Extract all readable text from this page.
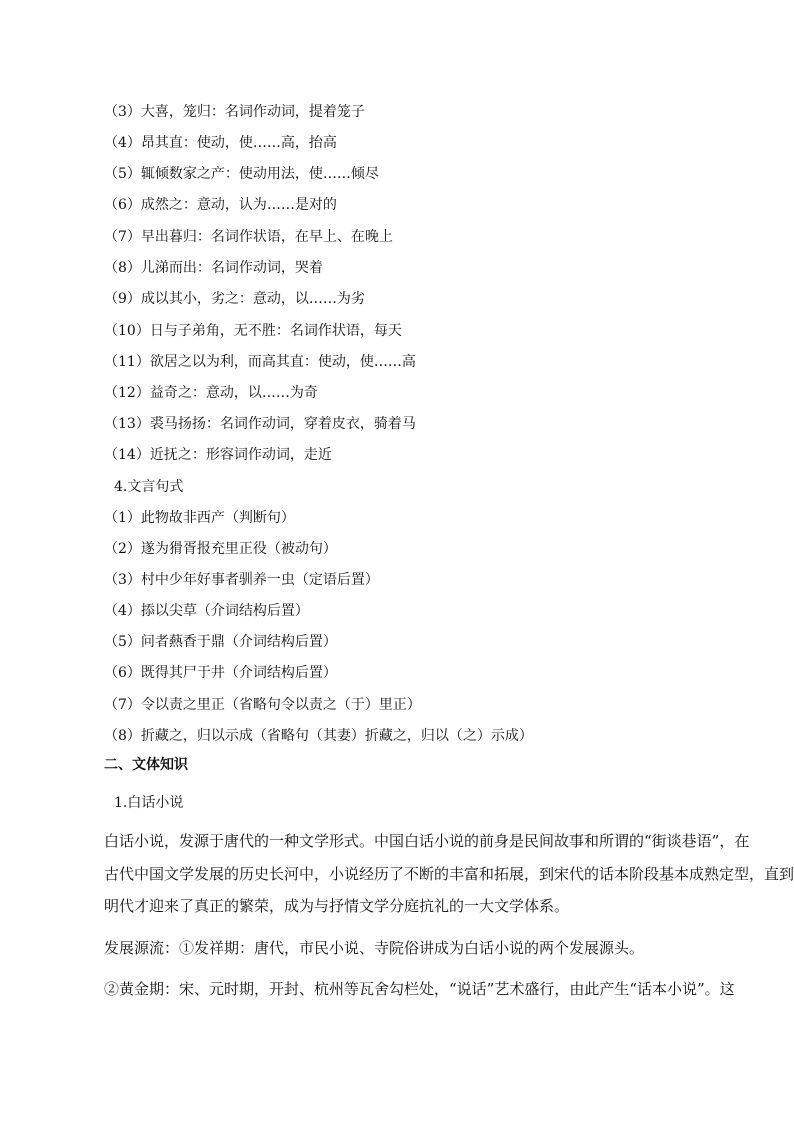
（3）大喜，笼归：名词作动词，提着笼子
（4）昂其直：使动，使……高，抬高
（5）辄倾数家之产：使动用法，使……倾尽
（6）成然之：意动，认为……是对的
（7）早出暮归：名词作状语，在早上、在晚上
（8）儿涕而出：名词作动词，哭着
（9）成以其小，劣之：意动，以……为劣
（10）日与子弟角，无不胜：名词作状语，每天
（11）欲居之以为利，而高其直：使动，使……高
（12）益奇之：意动，以……为奇
（13）裘马扬扬：名词作动词，穿着皮衣，骑着马
（14）近抚之：形容词作动词，走近
4.文言句式
（1）此物故非西产（判断句）
（2）遂为猾胥报充里正役（被动句）
（3）村中少年好事者驯养一虫（定语后置）
（4）掭以尖草（介词结构后置）
（5）问者爇香于鼎（介词结构后置）
（6）既得其尸于井（介词结构后置）
（7）令以责之里正（省略句令以责之（于）里正）
（8）折藏之，归以示成（省略句（其妻）折藏之，归以（之）示成）
二、文体知识
1.白话小说
白话小说，发源于唐代的一种文学形式。中国白话小说的前身是民间故事和所谓的“街谈巷语”，在
古代中国文学发展的历史长河中，小说经历了不断的丰富和拓展，到宋代的话本阶段基本成熟定型，直到
明代才迎来了真正的繁荣，成为与抒情文学分庭抗礼的一大文学体系。
发展源流：①发祥期：唐代，市民小说、寺院俗讲成为白话小说的两个发展源头。
②黄金期：宋、元时期，开封、杭州等瓦舍勾栏处，“说话”艺术盛行，由此产生“话本小说”。这
